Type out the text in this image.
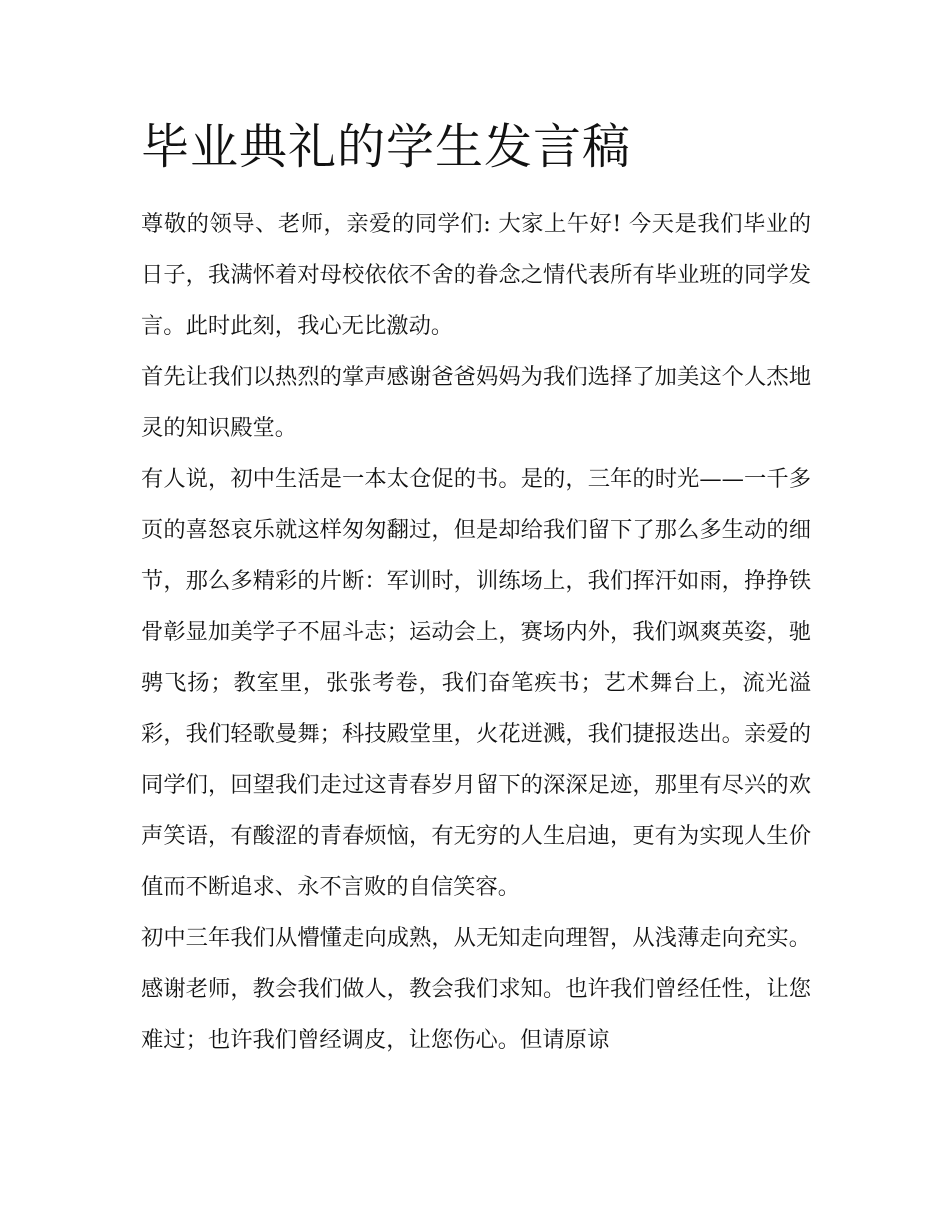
毕业典礼的学生发言稿

尊敬的领导、老师，亲爱的同学们: 大家上午好! 今天是我们毕业的日子，我满怀着对母校依依不舍的眷念之情代表所有毕业班的同学发言。此时此刻，我心无比激动。

首先让我们以热烈的掌声感谢爸爸妈妈为我们选择了加美这个人杰地灵的知识殿堂。

有人说，初中生活是一本太仓促的书。是的，三年的时光——一千多页的喜怒哀乐就这样匆匆翻过，但是却给我们留下了那么多生动的细节，那么多精彩的片断：军训时，训练场上，我们挥汗如雨，挣挣铁骨彰显加美学子不屈斗志；运动会上，赛场内外，我们飒爽英姿，驰骋飞扬；教室里，张张考卷，我们奋笔疾书；艺术舞台上，流光溢彩，我们轻歌曼舞；科技殿堂里，火花迸溅，我们捷报迭出。亲爱的同学们，回望我们走过这青春岁月留下的深深足迹，那里有尽兴的欢声笑语，有酸涩的青春烦恼，有无穷的人生启迪，更有为实现人生价值而不断追求、永不言败的自信笑容。

初中三年我们从懵懂走向成熟，从无知走向理智，从浅薄走向充实。感谢老师，教会我们做人，教会我们求知。也许我们曾经任性，让您难过；也许我们曾经调皮，让您伤心。但请原谅
